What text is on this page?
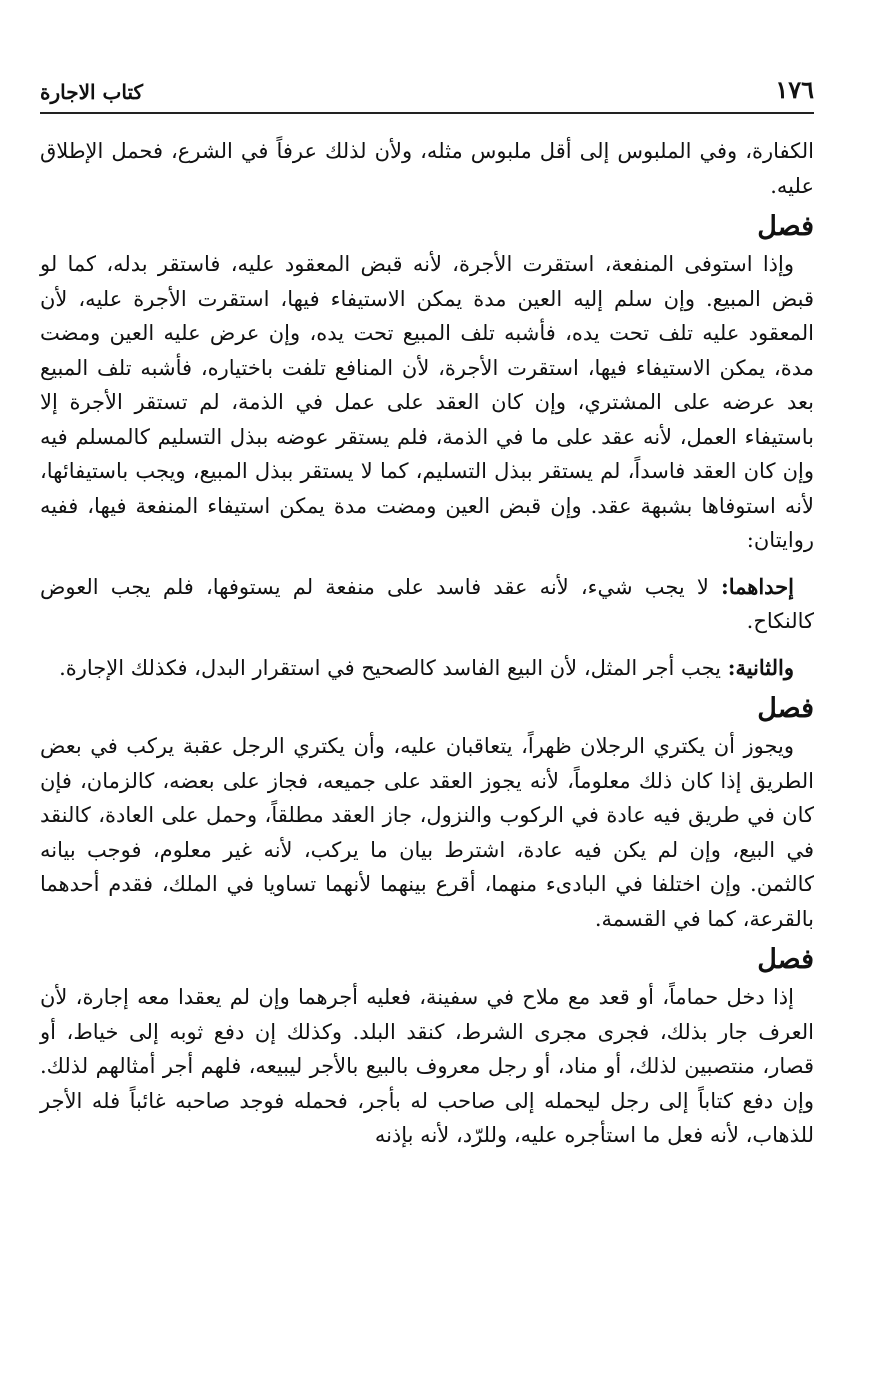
١٧٦
كتاب الاجارة

الكفارة، وفي الملبوس إلى أقل ملبوس مثله، ولأن لذلك عرفاً في الشرع، فحمل الإطلاق عليه.

فصل

وإذا استوفى المنفعة، استقرت الأجرة، لأنه قبض المعقود عليه، فاستقر بدله، كما لو قبض المبيع. وإن سلم إليه العين مدة يمكن الاستيفاء فيها، استقرت الأجرة عليه، لأن المعقود عليه تلف تحت يده، فأشبه تلف المبيع تحت يده، وإن عرض عليه العين ومضت مدة، يمكن الاستيفاء فيها، استقرت الأجرة، لأن المنافع تلفت باختياره، فأشبه تلف المبيع بعد عرضه على المشتري، وإن كان العقد على عمل في الذمة، لم تستقر الأجرة إلا باستيفاء العمل، لأنه عقد على ما في الذمة، فلم يستقر عوضه ببذل التسليم كالمسلم فيه وإن كان العقد فاسداً، لم يستقر ببذل التسليم، كما لا يستقر ببذل المبيع، ويجب باستيفائها، لأنه استوفاها بشبهة عقد. وإن قبض العين ومضت مدة يمكن استيفاء المنفعة فيها، ففيه روايتان:

إحداهما: لا يجب شيء، لأنه عقد فاسد على منفعة لم يستوفها، فلم يجب العوض كالنكاح.

والثانية: يجب أجر المثل، لأن البيع الفاسد كالصحيح في استقرار البدل، فكذلك الإجارة.

فصل

ويجوز أن يكتري الرجلان ظهراً، يتعاقبان عليه، وأن يكتري الرجل عقبة يركب في بعض الطريق إذا كان ذلك معلوماً، لأنه يجوز العقد على جميعه، فجاز على بعضه، كالزمان، فإن كان في طريق فيه عادة في الركوب والنزول، جاز العقد مطلقاً، وحمل على العادة، كالنقد في البيع، وإن لم يكن فيه عادة، اشترط بيان ما يركب، لأنه غير معلوم، فوجب بيانه كالثمن. وإن اختلفا في البادىء منهما، أقرع بينهما لأنهما تساويا في الملك، فقدم أحدهما بالقرعة، كما في القسمة.

فصل

إذا دخل حماماً، أو قعد مع ملاح في سفينة، فعليه أجرهما وإن لم يعقدا معه إجارة، لأن العرف جار بذلك، فجرى مجرى الشرط، كنقد البلد. وكذلك إن دفع ثوبه إلى خياط، أو قصار، منتصبين لذلك، أو مناد، أو رجل معروف بالبيع بالأجر ليبيعه، فلهم أجر أمثالهم لذلك. وإن دفع كتاباً إلى رجل ليحمله إلى صاحب له بأجر، فحمله فوجد صاحبه غائباً فله الأجر للذهاب، لأنه فعل ما استأجره عليه، وللرّد، لأنه بإذنه
